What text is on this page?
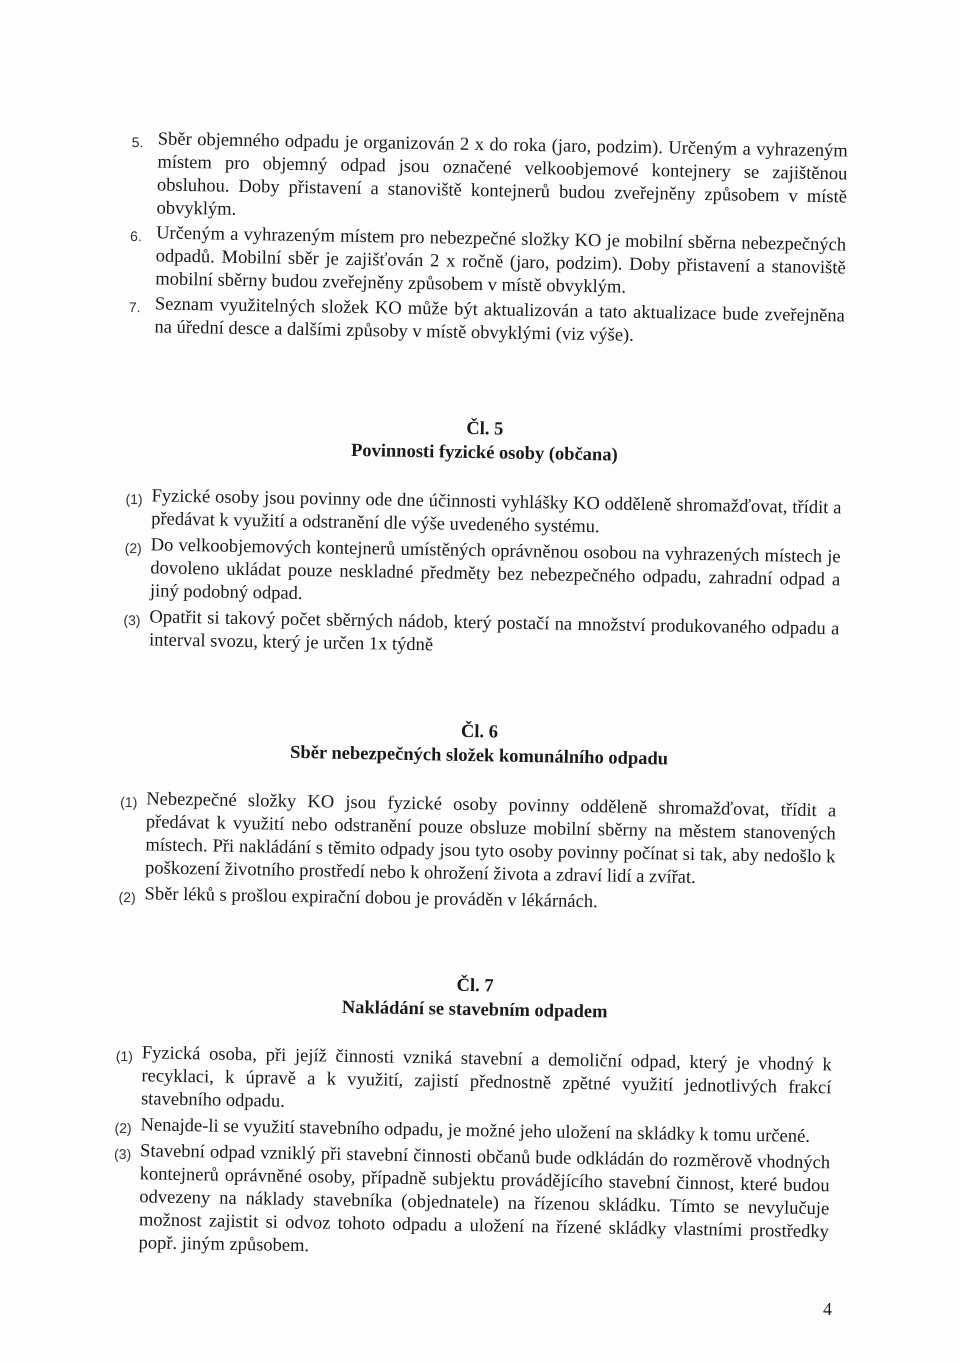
5. Sběr objemného odpadu je organizován 2 x do roka (jaro, podzim). Určeným a vyhrazeným místem pro objemný odpad jsou označené velkoobjemové kontejnery se zajištěnou obsluhou. Doby přistavení a stanoviště kontejnerů budou zveřejněny způsobem v místě obvyklým.
6. Určeným a vyhrazeným místem pro nebezpečné složky KO je mobilní sběrna nebezpečných odpadů. Mobilní sběr je zajišťován 2 x ročně (jaro, podzim). Doby přistavení a stanoviště mobilní sběrny budou zveřejněny způsobem v místě obvyklým.
7. Seznam využitelných složek KO může být aktualizován a tato aktualizace bude zveřejněna na úřední desce a dalšími způsoby v místě obvyklými (viz výše).
Čl. 5
Povinnosti fyzické osoby (občana)
(1) Fyzické osoby jsou povinny ode dne účinnosti vyhlášky KO odděleně shromažďovat, třídit a předávat k využití a odstranění dle výše uvedeného systému.
(2) Do velkoobjemových kontejnerů umístěných oprávněnou osobou na vyhrazených místech je dovoleno ukládat pouze neskladné předměty bez nebezpečného odpadu, zahradní odpad a jiný podobný odpad.
(3) Opatřit si takový počet sběrných nádob, který postačí na množství produkovaného odpadu a interval svozu, který je určen 1x týdně
Čl. 6
Sběr nebezpečných složek komunálního odpadu
(1) Nebezpečné složky KO jsou fyzické osoby povinny odděleně shromažďovat, třídit a předávat k využití nebo odstranění pouze obsluze mobilní sběrny na městem stanovených místech. Při nakládání s těmito odpady jsou tyto osoby povinny počínat si tak, aby nedošlo k poškození životního prostředí nebo k ohrožení života a zdraví lidí a zvířat.
(2) Sběr léků s prošlou expirační dobou je prováděn v lékárnách.
Čl. 7
Nakládání se stavebním odpadem
(1) Fyzická osoba, při jejíž činnosti vzniká stavební a demoliční odpad, který je vhodný k recyklaci, k úpravě a k využití, zajistí přednostně zpětné využití jednotlivých frakcí stavebního odpadu.
(2) Nenajde-li se využití stavebního odpadu, je možné jeho uložení na skládky k tomu určené.
(3) Stavební odpad vzniklý při stavební činnosti občanů bude odkládán do rozměrově vhodných kontejnerů oprávněné osoby, případně subjektu provádějícího stavební činnost, které budou odvezeny na náklady stavebníka (objednatele) na řízenou skládku. Tímto se nevylučuje možnost zajistit si odvoz tohoto odpadu a uložení na řízené skládky vlastními prostředky popř. jiným způsobem.
4
